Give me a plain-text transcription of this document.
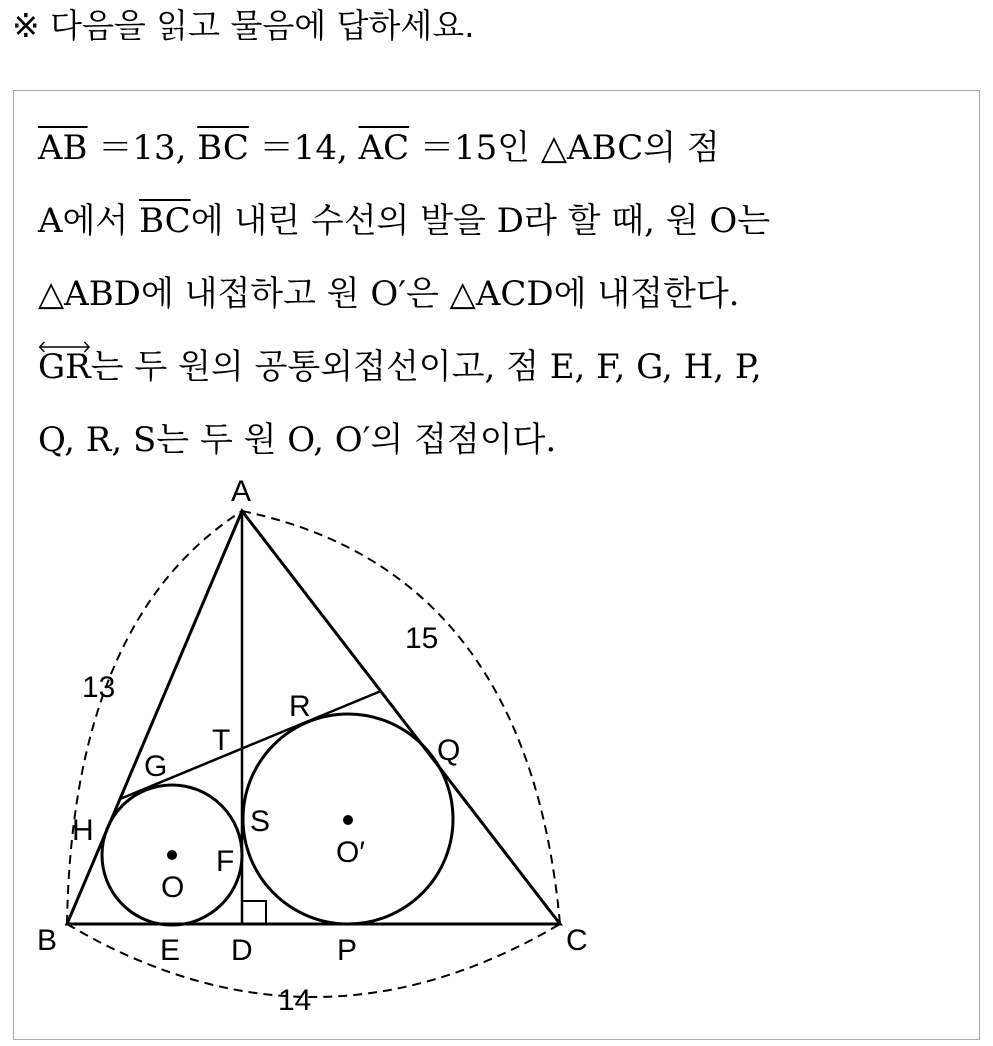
※ 다음을 읽고 물음에 답하세요.
$\overline{AB} =13$, $\overline{BC} =14$, $\overline{AC} =15$인 △ABC의 점
A에서 $\overline{BC}$에 내린 수선의 발을 D라 할 때, 원 O는
△ABD에 내접하고 원 O′은 △ACD에 내접한다.
GR는 두 원의 공통외접선이고, 점 E, F, G, H, P,
Q, R, S는 두 원 O, O′의 접점이다.
A
B	C
D
E
F
G
H
P
Q
R
S
T
O
O′
13
15
14
